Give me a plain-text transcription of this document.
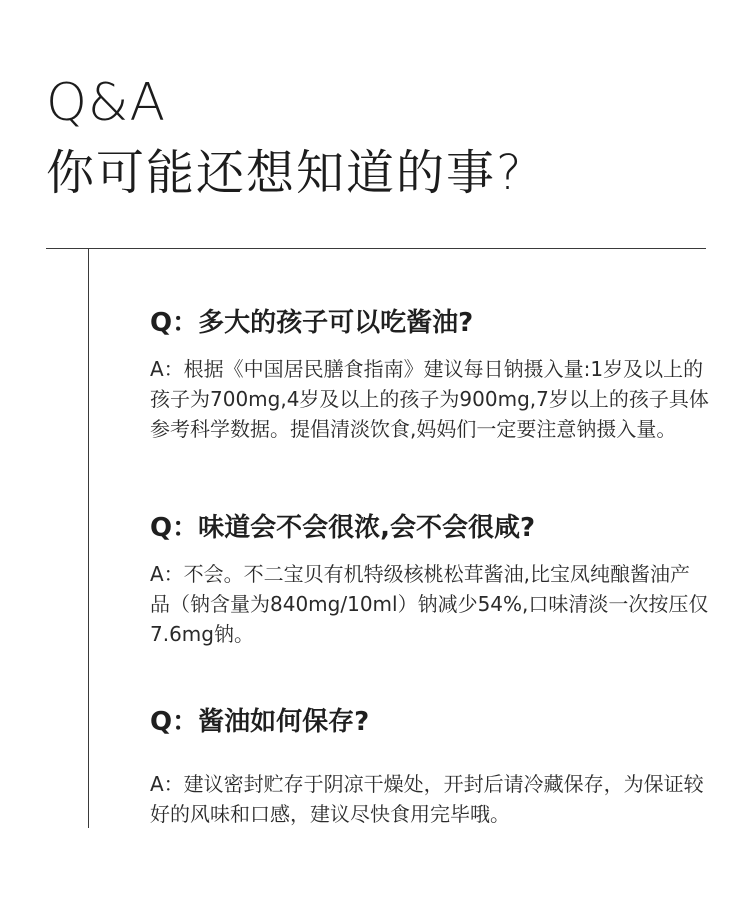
Q&A
你可能还想知道的事?
Q：多大的孩子可以吃酱油?
A：根据《中国居民膳食指南》建议每日钠摄入量:1岁及以上的孩子为700mg,4岁及以上的孩子为900mg,7岁以上的孩子具体参考科学数据。提倡清淡饮食,妈妈们一定要注意钠摄入量。
Q：味道会不会很浓,会不会很咸?
A：不会。不二宝贝有机特级核桃松茸酱油,比宝凤纯酿酱油产品（钠含量为840mg/10ml）钠减少54%,口味清淡一次按压仅7.6mg钠。
Q：酱油如何保存?
A：建议密封贮存于阴凉干燥处，开封后请冷藏保存，为保证较好的风味和口感，建议尽快食用完毕哦。
